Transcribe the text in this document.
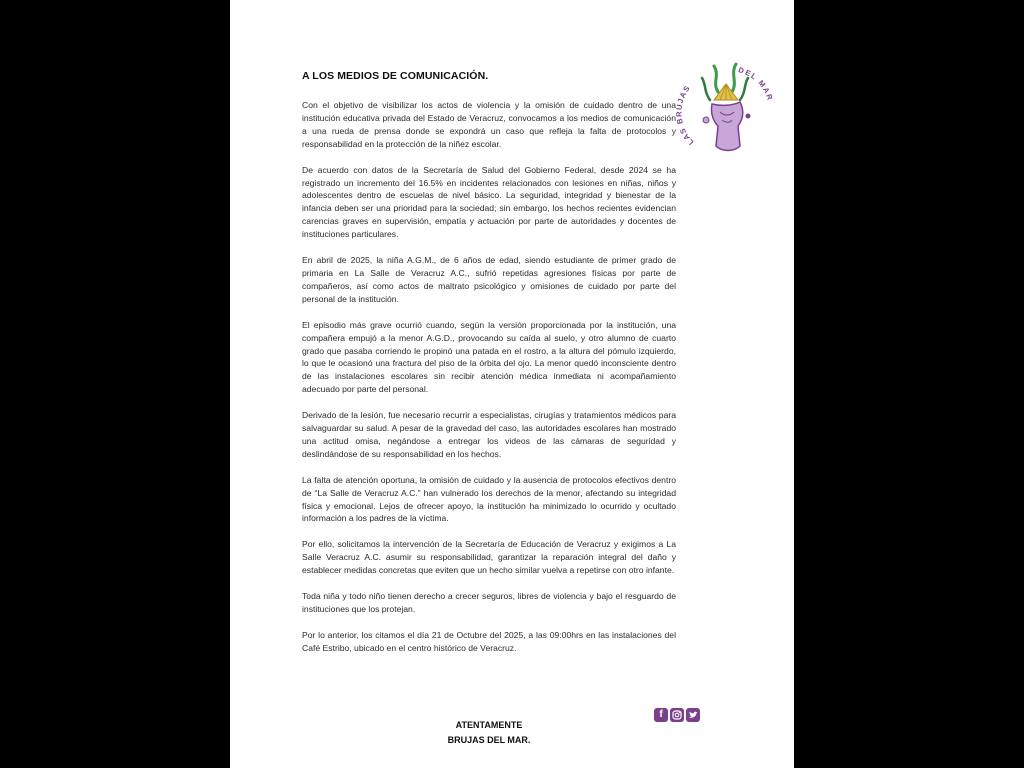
A LOS MEDIOS DE COMUNICACIÓN.
LAS JAS
DEL MAR

Con el objetivo de visibilizar los actos de violencia y la omisión de cuidado dentro de una institución educativa privada del Estado de Veracruz, convocamos a los medios de comunicación a una rueda de prensa donde se expondrá un caso que refleja la falta de protocolos y responsabilidad en la protección de la niñez escolar.

De acuerdo con datos de la Secretaría de Salud del Gobierno Federal, desde 2024 se ha registrado un incremento del 16.5% en incidentes relacionados con lesiones en niñas, niños y adolescentes dentro de escuelas de nivel básico. La seguridad, integridad y bienestar de la infancia deben ser una prioridad para la sociedad; sin embargo, los hechos recientes evidencian carencias graves en supervisión, empatía y actuación por parte de autoridades y docentes de instituciones particulares.

En abril de 2025, la niña A.G.M., de 6 años de edad, siendo estudiante de primer grado de primaria en La Salle de Veracruz A.C., sufrió repetidas agresiones físicas por parte de compañeros, así como actos de maltrato psicológico y omisiones de cuidado por parte del personal de la institución.

El episodio más grave ocurrió cuando, según la versión proporcionada por la institución, una compañera empujó a la menor A.G.D., provocando su caída al suelo, y otro alumno de cuarto grado que pasaba corriendo le propinó una patada en el rostro, a la altura del pómulo izquierdo, lo que le ocasionó una fractura del piso de la órbita del ojo. La menor quedó inconsciente dentro de las instalaciones escolares sin recibir atención médica inmediata ni acompañamiento adecuado por parte del personal.

Derivado de la lesión, fue necesario recurrir a especialistas, cirugías y tratamientos médicos para salvaguardar su salud. A pesar de la gravedad del caso, las autoridades escolares han mostrado una actitud omisa, negándose a entregar los videos de las cámaras de seguridad y deslindándose de su responsabilidad en los hechos.

La falta de atención oportuna, la omisión de cuidado y la ausencia de protocolos efectivos dentro de “La Salle de Veracruz A.C.” han vulnerado los derechos de la menor, afectando su integridad física y emocional. Lejos de ofrecer apoyo, la institución ha minimizado lo ocurrido y ocultado información a los padres de la víctima.

Por ello, solicitamos la intervención de la Secretaría de Educación de Veracruz y exigimos a La Salle Veracruz A.C. asumir su responsabilidad, garantizar la reparación integral del daño y establecer medidas concretas que eviten que un hecho similar vuelva a repetirse con otro infante.

Toda niña y todo niño tienen derecho a crecer seguros, libres de violencia y bajo el resguardo de instituciones que los protejan.

Por lo anterior, los citamos el día 21 de Octubre del 2025, a las 09:00hrs en las instalaciones del Café Estribo, ubicado en el centro histórico de Veracruz.

f
ATENTAMENTE
BRUJAS DEL MAR.
